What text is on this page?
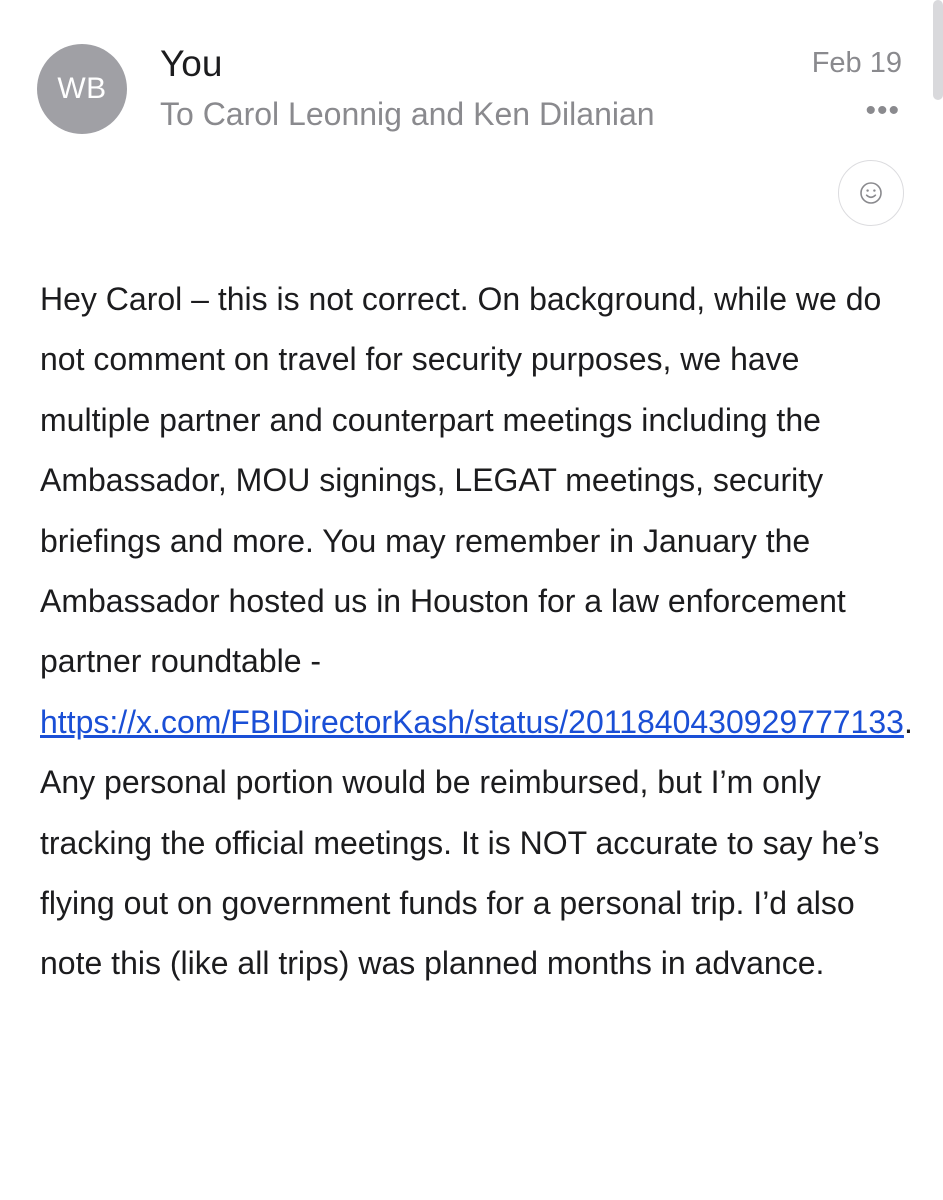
WB
You
To Carol Leonnig and Ken Dilanian
Feb 19
•••

Hey Carol – this is not correct. On background, while we do not comment on travel for security purposes, we have multiple partner and counterpart meetings including the Ambassador, MOU signings, LEGAT meetings, security briefings and more. You may remember in January the Ambassador hosted us in Houston for a law enforcement partner roundtable - https://x.com/FBIDirectorKash/status/2011840430929777133. Any personal portion would be reimbursed, but I’m only tracking the official meetings. It is NOT accurate to say he’s flying out on government funds for a personal trip. I’d also note this (like all trips) was planned months in advance.
